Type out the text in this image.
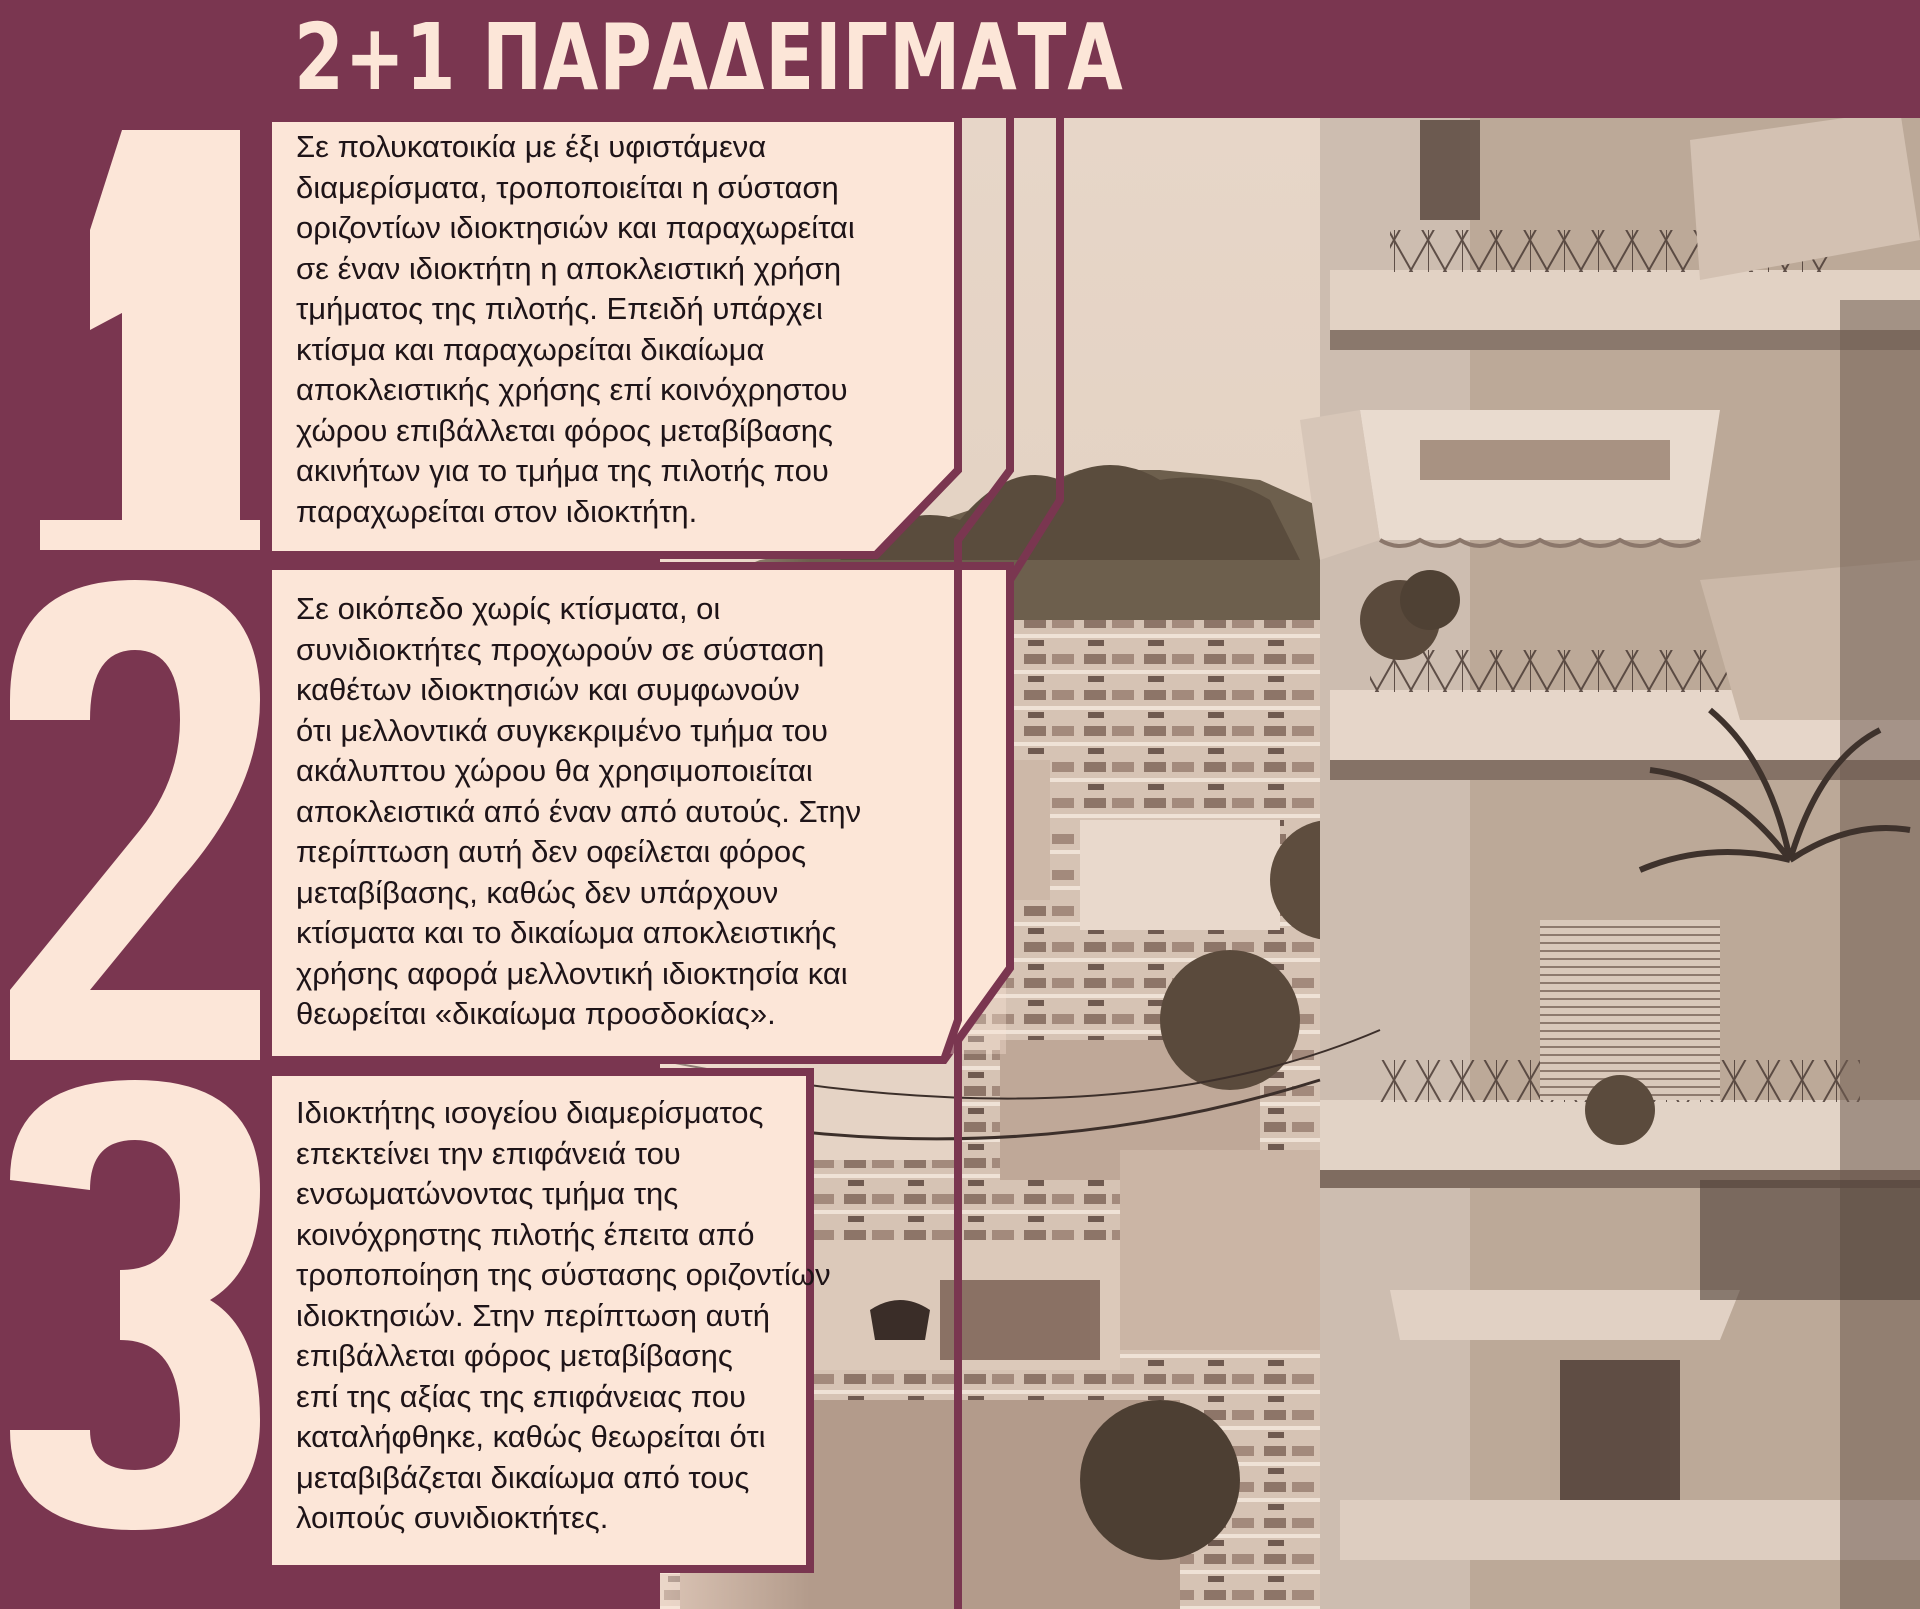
2+1 ΠΑΡΑΔΕΙΓΜΑΤΑ
Σε πολυκατοικία με έξι υφιστάμενα
διαμερίσματα, τροποποιείται η σύσταση
οριζοντίων ιδιοκτησιών και παραχωρείται
σε έναν ιδιοκτήτη η αποκλειστική χρήση
τμήματος της πιλοτής. Επειδή υπάρχει
κτίσμα και παραχωρείται δικαίωμα
αποκλειστικής χρήσης επί κοινόχρηστου
χώρου επιβάλλεται φόρος μεταβίβασης
ακινήτων για το τμήμα της πιλοτής που
παραχωρείται στον ιδιοκτήτη.
Σε οικόπεδο χωρίς κτίσματα, οι
συνιδιοκτήτες προχωρούν σε σύσταση
καθέτων ιδιοκτησιών και συμφωνούν
ότι μελλοντικά συγκεκριμένο τμήμα του
ακάλυπτου χώρου θα χρησιμοποιείται
αποκλειστικά από έναν από αυτούς. Στην
περίπτωση αυτή δεν οφείλεται φόρος
μεταβίβασης, καθώς δεν υπάρχουν
κτίσματα και το δικαίωμα αποκλειστικής
χρήσης αφορά μελλοντική ιδιοκτησία και
θεωρείται «δικαίωμα προσδοκίας».
Ιδιοκτήτης ισογείου διαμερίσματος
επεκτείνει την επιφάνειά του
ενσωματώνοντας τμήμα της
κοινόχρηστης πιλοτής έπειτα από
τροποποίηση της σύστασης οριζοντίων
ιδιοκτησιών. Στην περίπτωση αυτή
επιβάλλεται φόρος μεταβίβασης
επί της αξίας της επιφάνειας που
καταλήφθηκε, καθώς θεωρείται ότι
μεταβιβάζεται δικαίωμα από τους
λοιπούς συνιδιοκτήτες.
